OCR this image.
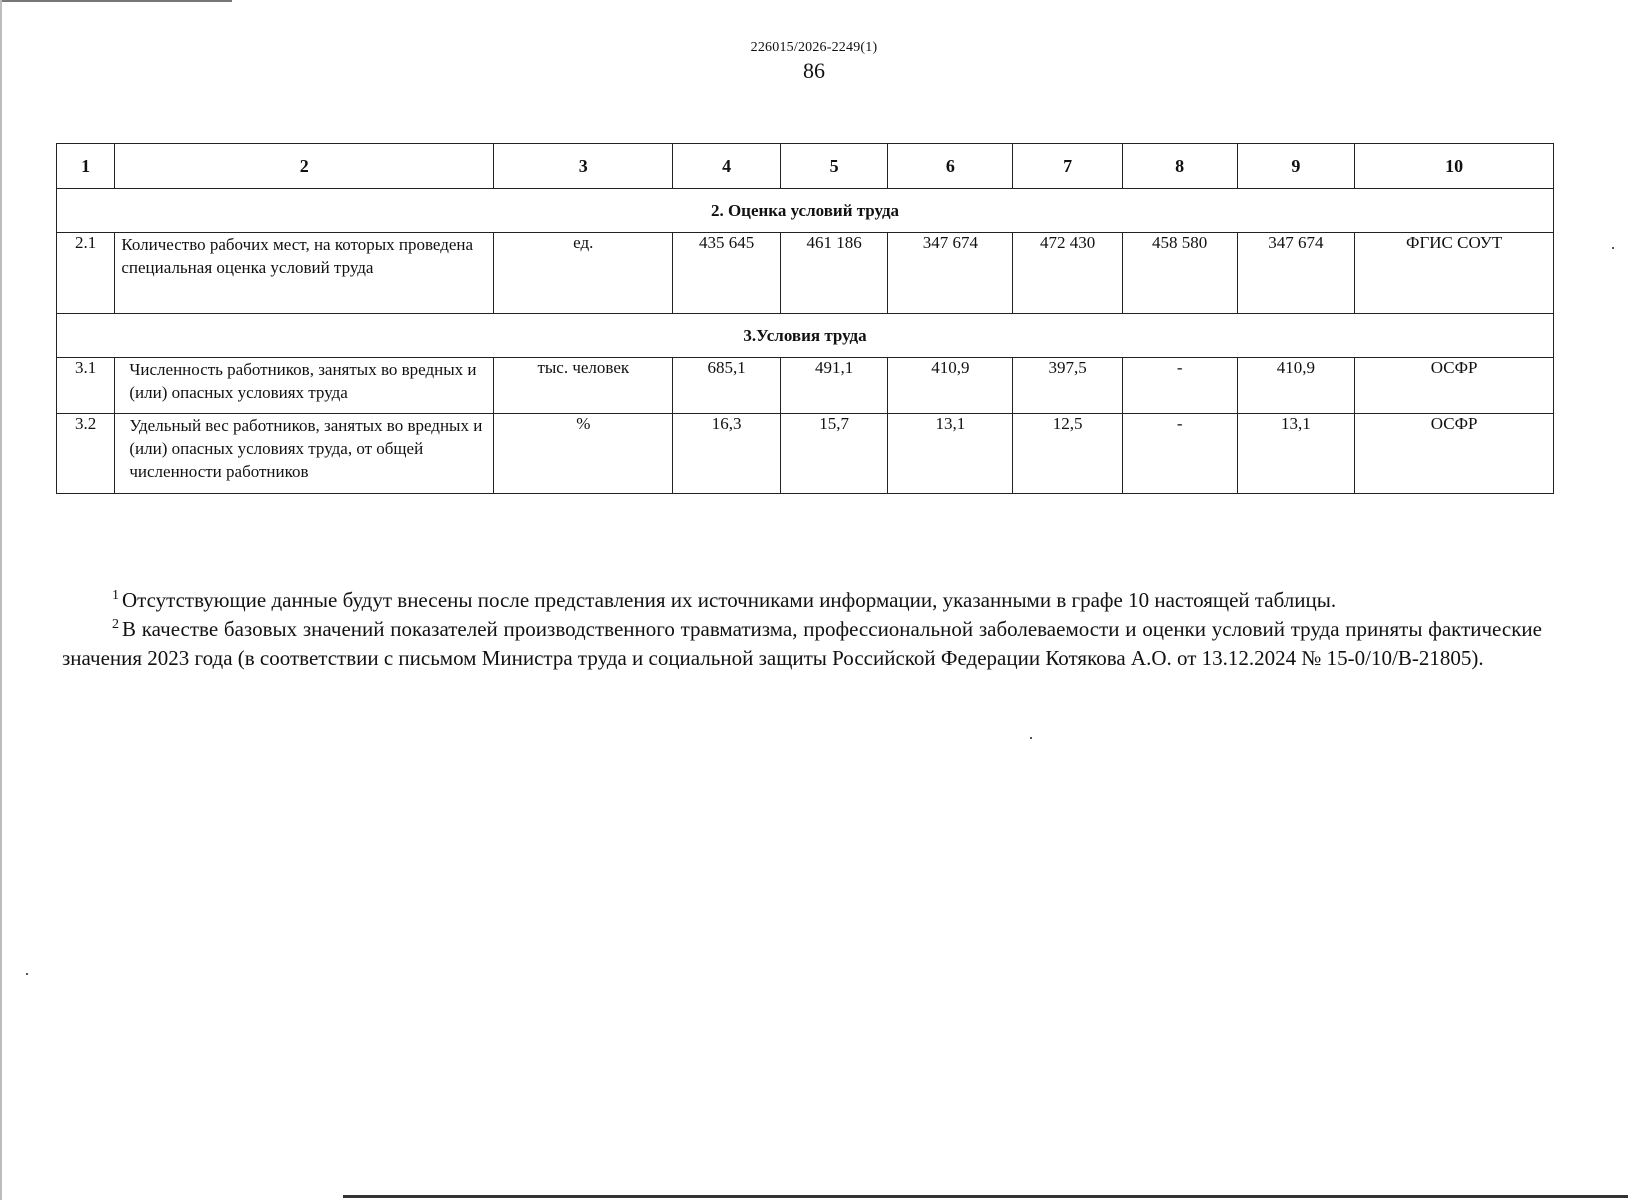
226015/2026-2249(1)
86
1	2	3	4	5	6	7	8	9	10
2. Оценка условий труда									
2.1	Количество рабочих мест, на которых проведена специальная оценка условий труда	ед.	435 645	461 186	347 674	472 430	458 580	347 674	ФГИС СОУТ
3.Условия труда									
3.1	Численность работников, занятых во вредных и (или) опасных условиях труда	тыс. человек	685,1	491,1	410,9	397,5	-	410,9	ОСФР
3.2	Удельный вес работников, занятых во вредных и (или) опасных условиях труда, от общей численности работников	%	16,3	15,7	13,1	12,5	-	13,1	ОСФР

$^1$ Отсутствующие данные будут внесены после представления их источниками информации, указанными в графе 10 настоящей таблицы.

$^2$ В качестве базовых значений показателей производственного травматизма, профессиональной заболеваемости и оценки условий труда приняты фактические значения 2023 года (в соответствии с письмом Министра труда и социальной защиты Российской Федерации Котякова А.О. от 13.12.2024 № 15-0/10/В-21805).
